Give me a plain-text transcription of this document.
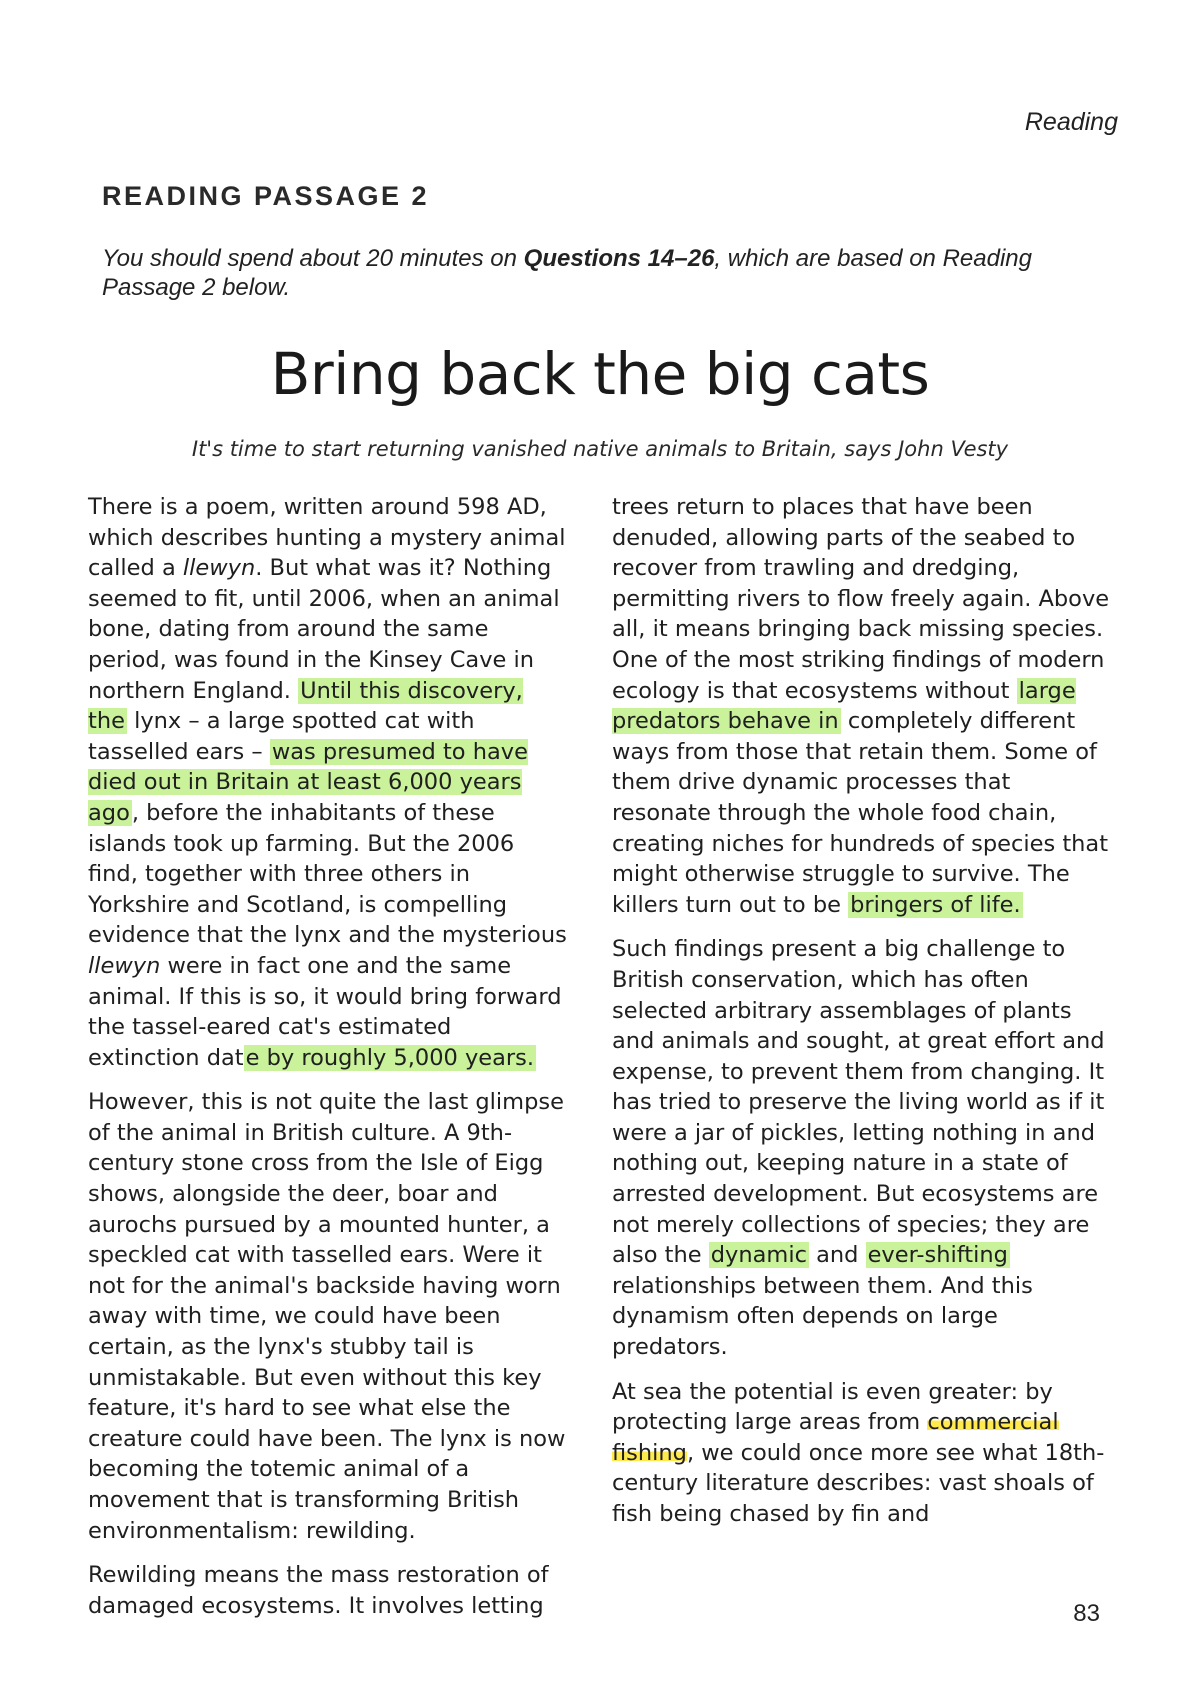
Reading
READING PASSAGE 2
You should spend about 20 minutes on Questions 14–26, which are based on Reading Passage 2 below.
Bring back the big cats
It's time to start returning vanished native animals to Britain, says John Vesty

There is a poem, written around 598 AD, which describes hunting a mystery animal called a llewyn. But what was it? Nothing seemed to fit, until 2006, when an animal bone, dating from around the same period, was found in the Kinsey Cave in northern England. Until this discovery, the lynx – a large spotted cat with tasselled ears – was presumed to have died out in Britain at least 6,000 years ago, before the inhabitants of these islands took up farming. But the 2006 find, together with three others in Yorkshire and Scotland, is compelling evidence that the lynx and the mysterious llewyn were in fact one and the same animal. If this is so, it would bring forward the tassel-eared cat's estimated extinction date by roughly 5,000 years.

However, this is not quite the last glimpse of the animal in British culture. A 9th-century stone cross from the Isle of Eigg shows, alongside the deer, boar and aurochs pursued by a mounted hunter, a speckled cat with tasselled ears. Were it not for the animal's backside having worn away with time, we could have been certain, as the lynx's stubby tail is unmistakable. But even without this key feature, it's hard to see what else the creature could have been. The lynx is now becoming the totemic animal of a movement that is transforming British environmentalism: rewilding.

Rewilding means the mass restoration of damaged ecosystems. It involves letting

trees return to places that have been denuded, allowing parts of the seabed to recover from trawling and dredging, permitting rivers to flow freely again. Above all, it means bringing back missing species. One of the most striking findings of modern ecology is that ecosystems without large predators behave in completely different ways from those that retain them. Some of them drive dynamic processes that resonate through the whole food chain, creating niches for hundreds of species that might otherwise struggle to survive. The killers turn out to be bringers of life.

Such findings present a big challenge to British conservation, which has often selected arbitrary assemblages of plants and animals and sought, at great effort and expense, to prevent them from changing. It has tried to preserve the living world as if it were a jar of pickles, letting nothing in and nothing out, keeping nature in a state of arrested development. But ecosystems are not merely collections of species; they are also the dynamic and ever-shifting relationships between them. And this dynamism often depends on large predators.

At sea the potential is even greater: by protecting large areas from commercial fishing, we could once more see what 18th-century literature describes: vast shoals of fish being chased by fin and

83
